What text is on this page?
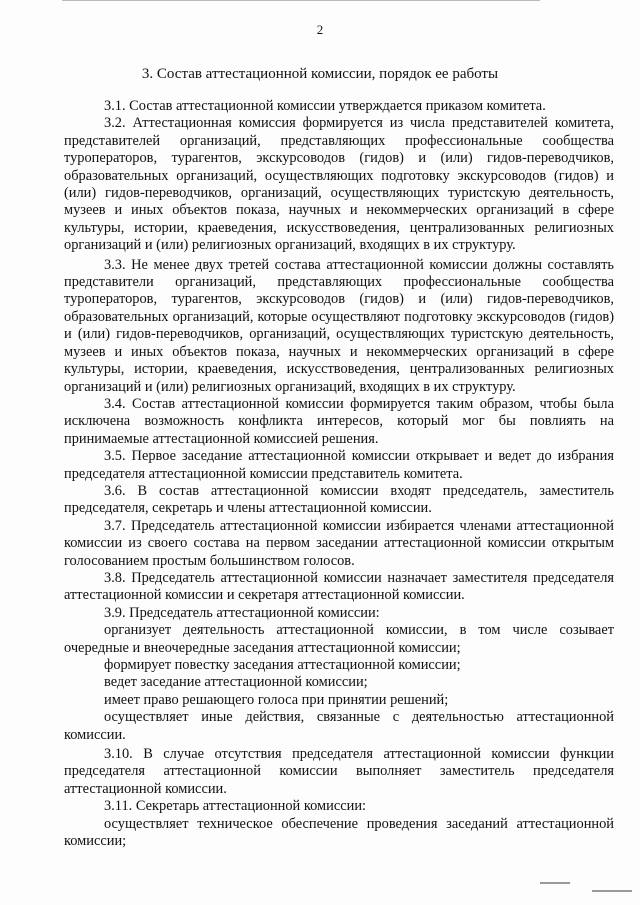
2
3. Состав аттестационной комиссии, порядок ее работы

3.1. Состав аттестационной комиссии утверждается приказом комитета.

3.2. Аттестационная комиссия формируется из числа представителей комитета, представителей организаций, представляющих профессиональные сообщества туроператоров, турагентов, экскурсоводов (гидов) и (или) гидов-переводчиков, образовательных организаций, осуществляющих подготовку экскурсоводов (гидов) и (или) гидов-переводчиков, организаций, осуществляющих туристскую деятельность, музеев и иных объектов показа, научных и некоммерческих организаций в сфере культуры, истории, краеведения, искусствоведения, централизованных религиозных организаций и (или) религиозных организаций, входящих в их структуру.

3.3. Не менее двух третей состава аттестационной комиссии должны составлять представители организаций, представляющих профессиональные сообщества туроператоров, турагентов, экскурсоводов (гидов) и (или) гидов-переводчиков, образовательных организаций, которые осуществляют подготовку экскурсоводов (гидов) и (или) гидов-переводчиков, организаций, осуществляющих туристскую деятельность, музеев и иных объектов показа, научных и некоммерческих организаций в сфере культуры, истории, краеведения, искусствоведения, централизованных религиозных организаций и (или) религиозных организаций, входящих в их структуру.

3.4. Состав аттестационной комиссии формируется таким образом, чтобы была исключена возможность конфликта интересов, который мог бы повлиять на принимаемые аттестационной комиссией решения.

3.5. Первое заседание аттестационной комиссии открывает и ведет до избрания председателя аттестационной комиссии представитель комитета.

3.6. В состав аттестационной комиссии входят председатель, заместитель председателя, секретарь и члены аттестационной комиссии.

3.7. Председатель аттестационной комиссии избирается членами аттестационной комиссии из своего состава на первом заседании аттестационной комиссии открытым голосованием простым большинством голосов.

3.8. Председатель аттестационной комиссии назначает заместителя председателя аттестационной комиссии и секретаря аттестационной комиссии.

3.9. Председатель аттестационной комиссии:

организует деятельность аттестационной комиссии, в том числе созывает очередные и внеочередные заседания аттестационной комиссии;

формирует повестку заседания аттестационной комиссии;

ведет заседание аттестационной комиссии;

имеет право решающего голоса при принятии решений;

осуществляет иные действия, связанные с деятельностью аттестационной комиссии.

3.10. В случае отсутствия председателя аттестационной комиссии функции председателя аттестационной комиссии выполняет заместитель председателя аттестационной комиссии.

3.11. Секретарь аттестационной комиссии:

осуществляет техническое обеспечение проведения заседаний аттестационной комиссии;
